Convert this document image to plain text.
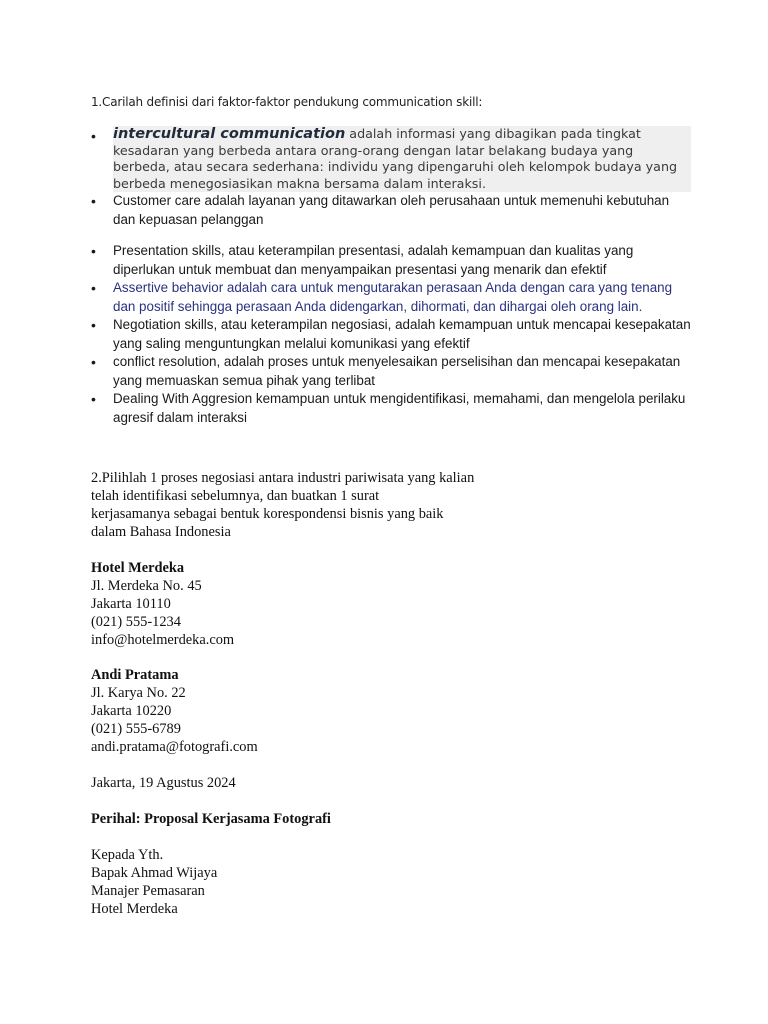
1.Carilah definisi dari faktor-faktor pendukung communication skill:
• intercultural communication adalah informasi yang dibagikan pada tingkat kesadaran yang berbeda antara orang-orang dengan latar belakang budaya yang berbeda, atau secara sederhana: individu yang dipengaruhi oleh kelompok budaya yang berbeda menegosiasikan makna bersama dalam interaksi.
• Customer care adalah layanan yang ditawarkan oleh perusahaan untuk memenuhi kebutuhan dan kepuasan pelanggan
• Presentation skills, atau keterampilan presentasi, adalah kemampuan dan kualitas yang diperlukan untuk membuat dan menyampaikan presentasi yang menarik dan efektif
• Assertive behavior adalah cara untuk mengutarakan perasaan Anda dengan cara yang tenang dan positif sehingga perasaan Anda didengarkan, dihormati, dan dihargai oleh orang lain.
• Negotiation skills, atau keterampilan negosiasi, adalah kemampuan untuk mencapai kesepakatan yang saling menguntungkan melalui komunikasi yang efektif
• conflict resolution, adalah proses untuk menyelesaikan perselisihan dan mencapai kesepakatan yang memuaskan semua pihak yang terlibat
• Dealing With Aggresion kemampuan untuk mengidentifikasi, memahami, dan mengelola perilaku agresif dalam interaksi

2.Pilihlah 1 proses negosiasi antara industri pariwisata yang kalian

telah identifikasi sebelumnya, dan buatkan 1 surat

kerjasamanya sebagai bentuk korespondensi bisnis yang baik

dalam Bahasa Indonesia

Hotel Merdeka

Jl. Merdeka No. 45

Jakarta 10110

(021) 555-1234

info@hotelmerdeka.com

Andi Pratama

Jl. Karya No. 22

Jakarta 10220

(021) 555-6789

andi.pratama@fotografi.com

Jakarta, 19 Agustus 2024
Perihal: Proposal Kerjasama Fotografi

Kepada Yth.

Bapak Ahmad Wijaya

Manajer Pemasaran

Hotel Merdeka
